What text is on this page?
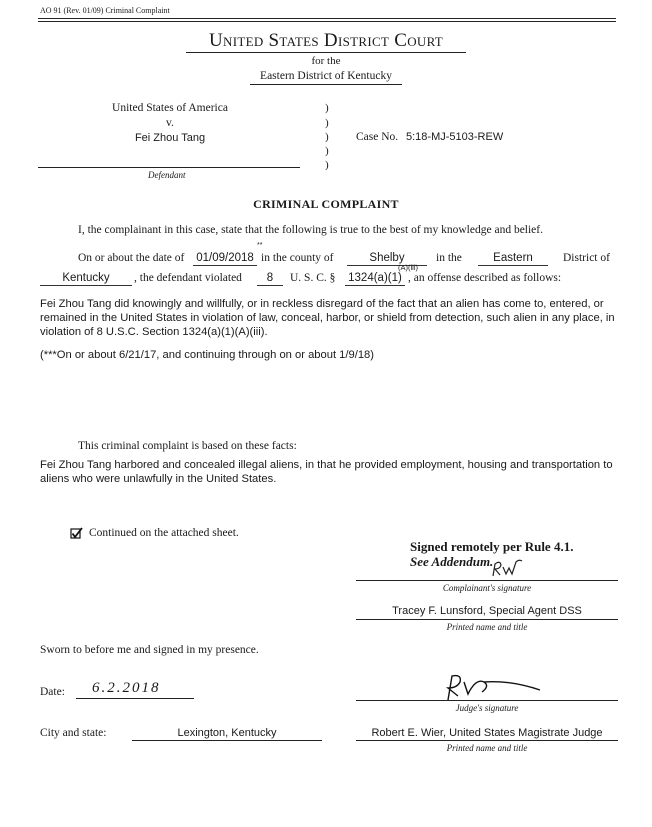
AO 91 (Rev. 01/09) Criminal Complaint
United States District Court
for the
Eastern District of Kentucky
United States of America
v.
Fei Zhou Tang
)
)
)
)
)
Case No. 5:18-MJ-5103-REW
Defendant
CRIMINAL COMPLAINT
I, the complainant in this case, state that the following is true to the best of my knowledge and belief.
On or about the date of 01/09/2018
**
in the county of	Shelby	in the	Eastern	District of
Kentucky	, the defendant violated	8	U. S. C. § 1324(a)(1)
(A)(iii)
, an offense described as follows:
Fei Zhou Tang did knowingly and willfully, or in reckless disregard of the fact that an alien has come to, entered, or remained in the United States in violation of law, conceal, harbor, or shield from detection, such alien in any place, in violation of 8 U.S.C. Section 1324(a)(1)(A)(iii).
(***On or about 6/21/17, and continuing through on or about 1/9/18)
This criminal complaint is based on these facts:
Fei Zhou Tang harbored and concealed illegal aliens, in that he provided employment, housing and transportation to aliens who were unlawfully in the United States.
Continued on the attached sheet.
Signed remotely per Rule 4.1.
See Addendum.
Complainant's signature
Tracey F. Lunsford, Special Agent DSS
Printed name and title
Sworn to before me and signed in my presence.
Date: 6.2.2018
Judge's signature
City and state:	Lexington, Kentucky	Robert E. Wier, United States Magistrate Judge
Printed name and title
